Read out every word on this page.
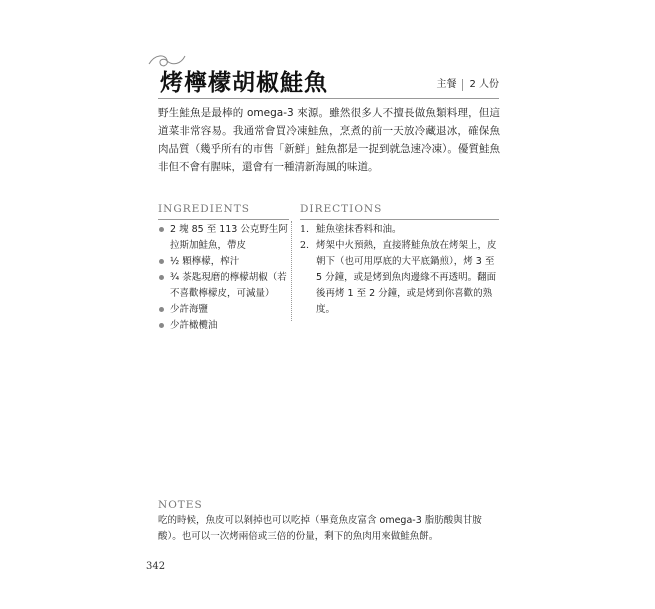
烤檸檬胡椒鮭魚	主餐 2 人份

野生鮭魚是最棒的 omega-3 來源。雖然很多人不擅長做魚類料理，但這道菜非常容易。我通常會買冷凍鮭魚，烹煮的前一天放冷藏退冰，確保魚肉品質（幾乎所有的市售「新鮮」鮭魚都是一捉到就急速冷凍）。優質鮭魚非但不會有腥味，還會有一種清新海風的味道。

INGREDIENTS	DIRECTIONS
2 塊 85 至 113 公克野生阿拉斯加鮭魚，帶皮
½ 顆檸檬，榨汁
¾ 茶匙現磨的檸檬胡椒（若不喜歡檸檬皮，可減量）
少許海鹽
少許橄欖油
1. 鮭魚塗抹香料和油。
2. 烤架中火預熱，直接將鮭魚放在烤架上，皮朝下（也可用厚底的大平底鍋煎），烤 3 至 5 分鐘，或是烤到魚肉邊緣不再透明。翻面後再烤 1 至 2 分鐘，或是烤到你喜歡的熟度。
NOTES

吃的時候，魚皮可以剝掉也可以吃掉（畢竟魚皮富含 omega-3 脂肪酸與甘胺酸）。也可以一次烤兩倍或三倍的份量，剩下的魚肉用來做鮭魚餅。

342
